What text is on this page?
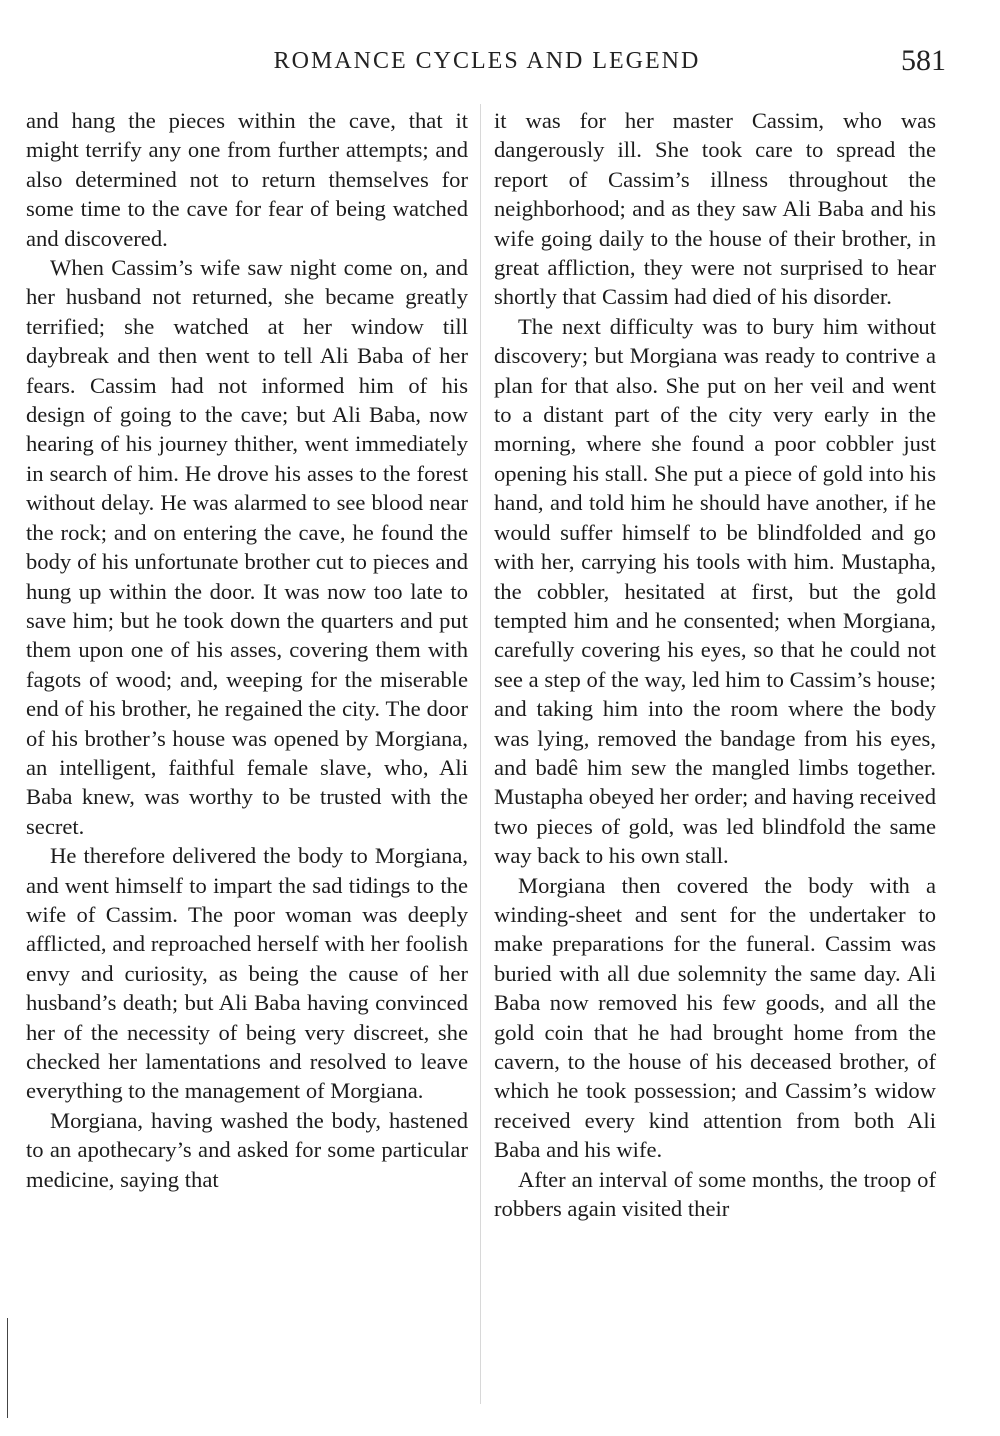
ROMANCE CYCLES AND LEGEND	581

and hang the pieces within the cave, that it might terrify any one from further attempts; and also determined not to return themselves for some time to the cave for fear of being watched and discovered.

When Cassim’s wife saw night come on, and her husband not returned, she became greatly terrified; she watched at her window till daybreak and then went to tell Ali Baba of her fears. Cassim had not informed him of his design of going to the cave; but Ali Baba, now hearing of his journey thither, went immediately in search of him. He drove his asses to the forest without delay. He was alarmed to see blood near the rock; and on entering the cave, he found the body of his unfortunate brother cut to pieces and hung up within the door. It was now too late to save him; but he took down the quarters and put them upon one of his asses, covering them with fagots of wood; and, weeping for the miserable end of his brother, he regained the city. The door of his brother’s house was opened by Morgiana, an intelligent, faithful female slave, who, Ali Baba knew, was worthy to be trusted with the secret.

He therefore delivered the body to Morgiana, and went himself to impart the sad tidings to the wife of Cassim. The poor woman was deeply afflicted, and reproached herself with her foolish envy and curiosity, as being the cause of her husband’s death; but Ali Baba having convinced her of the necessity of being very discreet, she checked her lamentations and resolved to leave everything to the management of Morgiana.

Morgiana, having washed the body, hastened to an apothecary’s and asked for some particular medicine, saying that

it was for her master Cassim, who was dangerously ill. She took care to spread the report of Cassim’s illness throughout the neighborhood; and as they saw Ali Baba and his wife going daily to the house of their brother, in great affliction, they were not surprised to hear shortly that Cassim had died of his disorder.

The next difficulty was to bury him without discovery; but Morgiana was ready to contrive a plan for that also. She put on her veil and went to a distant part of the city very early in the morning, where she found a poor cobbler just opening his stall. She put a piece of gold into his hand, and told him he should have another, if he would suffer himself to be blindfolded and go with her, carrying his tools with him. Mustapha, the cobbler, hesitated at first, but the gold tempted him and he consented; when Morgiana, carefully covering his eyes, so that he could not see a step of the way, led him to Cassim’s house; and taking him into the room where the body was lying, removed the bandage from his eyes, and badê him sew the mangled limbs together. Mustapha obeyed her order; and having received two pieces of gold, was led blindfold the same way back to his own stall.

Morgiana then covered the body with a winding-sheet and sent for the undertaker to make preparations for the funeral. Cassim was buried with all due solemnity the same day. Ali Baba now removed his few goods, and all the gold coin that he had brought home from the cavern, to the house of his deceased brother, of which he took possession; and Cassim’s widow received every kind attention from both Ali Baba and his wife.

After an interval of some months, the troop of robbers again visited their
